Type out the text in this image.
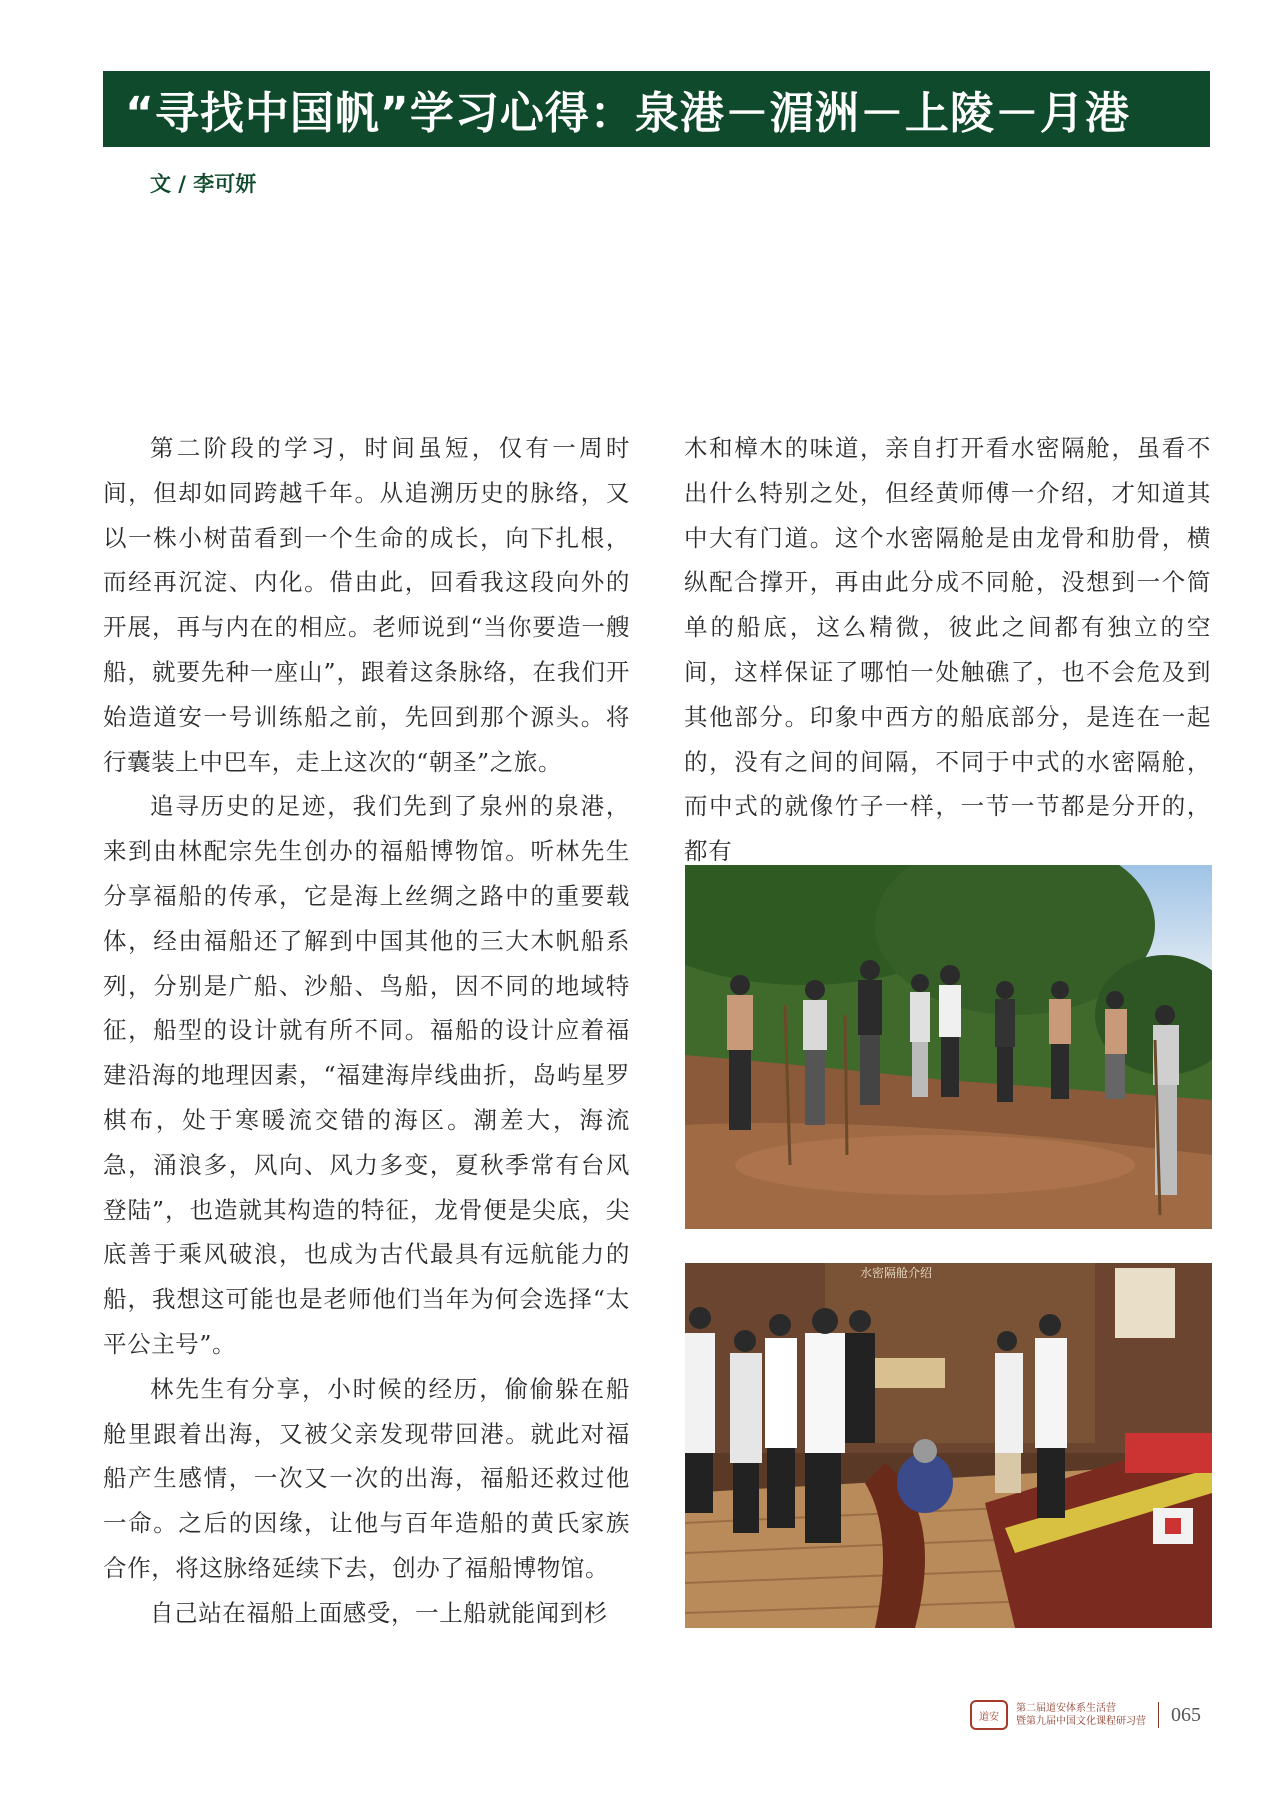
“寻找中国帆”学习心得：泉港－湄洲－上陵－月港
文 / 李可妍

第二阶段的学习，时间虽短，仅有一周时间，但却如同跨越千年。从追溯历史的脉络，又以一株小树苗看到一个生命的成长，向下扎根，而经再沉淀、内化。借由此，回看我这段向外的开展，再与内在的相应。老师说到“当你要造一艘船，就要先种一座山”，跟着这条脉络，在我们开始造道安一号训练船之前，先回到那个源头。将行囊装上中巴车，走上这次的“朝圣”之旅。

追寻历史的足迹，我们先到了泉州的泉港，来到由林配宗先生创办的福船博物馆。听林先生分享福船的传承，它是海上丝绸之路中的重要载体，经由福船还了解到中国其他的三大木帆船系列，分别是广船、沙船、鸟船，因不同的地域特征，船型的设计就有所不同。福船的设计应着福建沿海的地理因素，“福建海岸线曲折，岛屿星罗棋布，处于寒暖流交错的海区。潮差大，海流急，涌浪多，风向、风力多变，夏秋季常有台风登陆”，也造就其构造的特征，龙骨便是尖底，尖底善于乘风破浪，也成为古代最具有远航能力的船，我想这可能也是老师他们当年为何会选择“太平公主号”。

林先生有分享，小时候的经历，偷偷躲在船舱里跟着出海，又被父亲发现带回港。就此对福船产生感情，一次又一次的出海，福船还救过他一命。之后的因缘，让他与百年造船的黄氏家族合作，将这脉络延续下去，创办了福船博物馆。

自己站在福船上面感受，一上船就能闻到杉

木和樟木的味道，亲自打开看水密隔舱，虽看不出什么特别之处，但经黄师傅一介绍，才知道其中大有门道。这个水密隔舱是由龙骨和肋骨，横纵配合撑开，再由此分成不同舱，没想到一个简单的船底，这么精微，彼此之间都有独立的空间，这样保证了哪怕一处触礁了，也不会危及到其他部分。印象中西方的船底部分，是连在一起的，没有之间的间隔，不同于中式的水密隔舱，而中式的就像竹子一样，一节一节都是分开的，都有

水密隔舱介绍
道安
第二届道安体系生活营
暨第九届中国文化课程研习营 065
